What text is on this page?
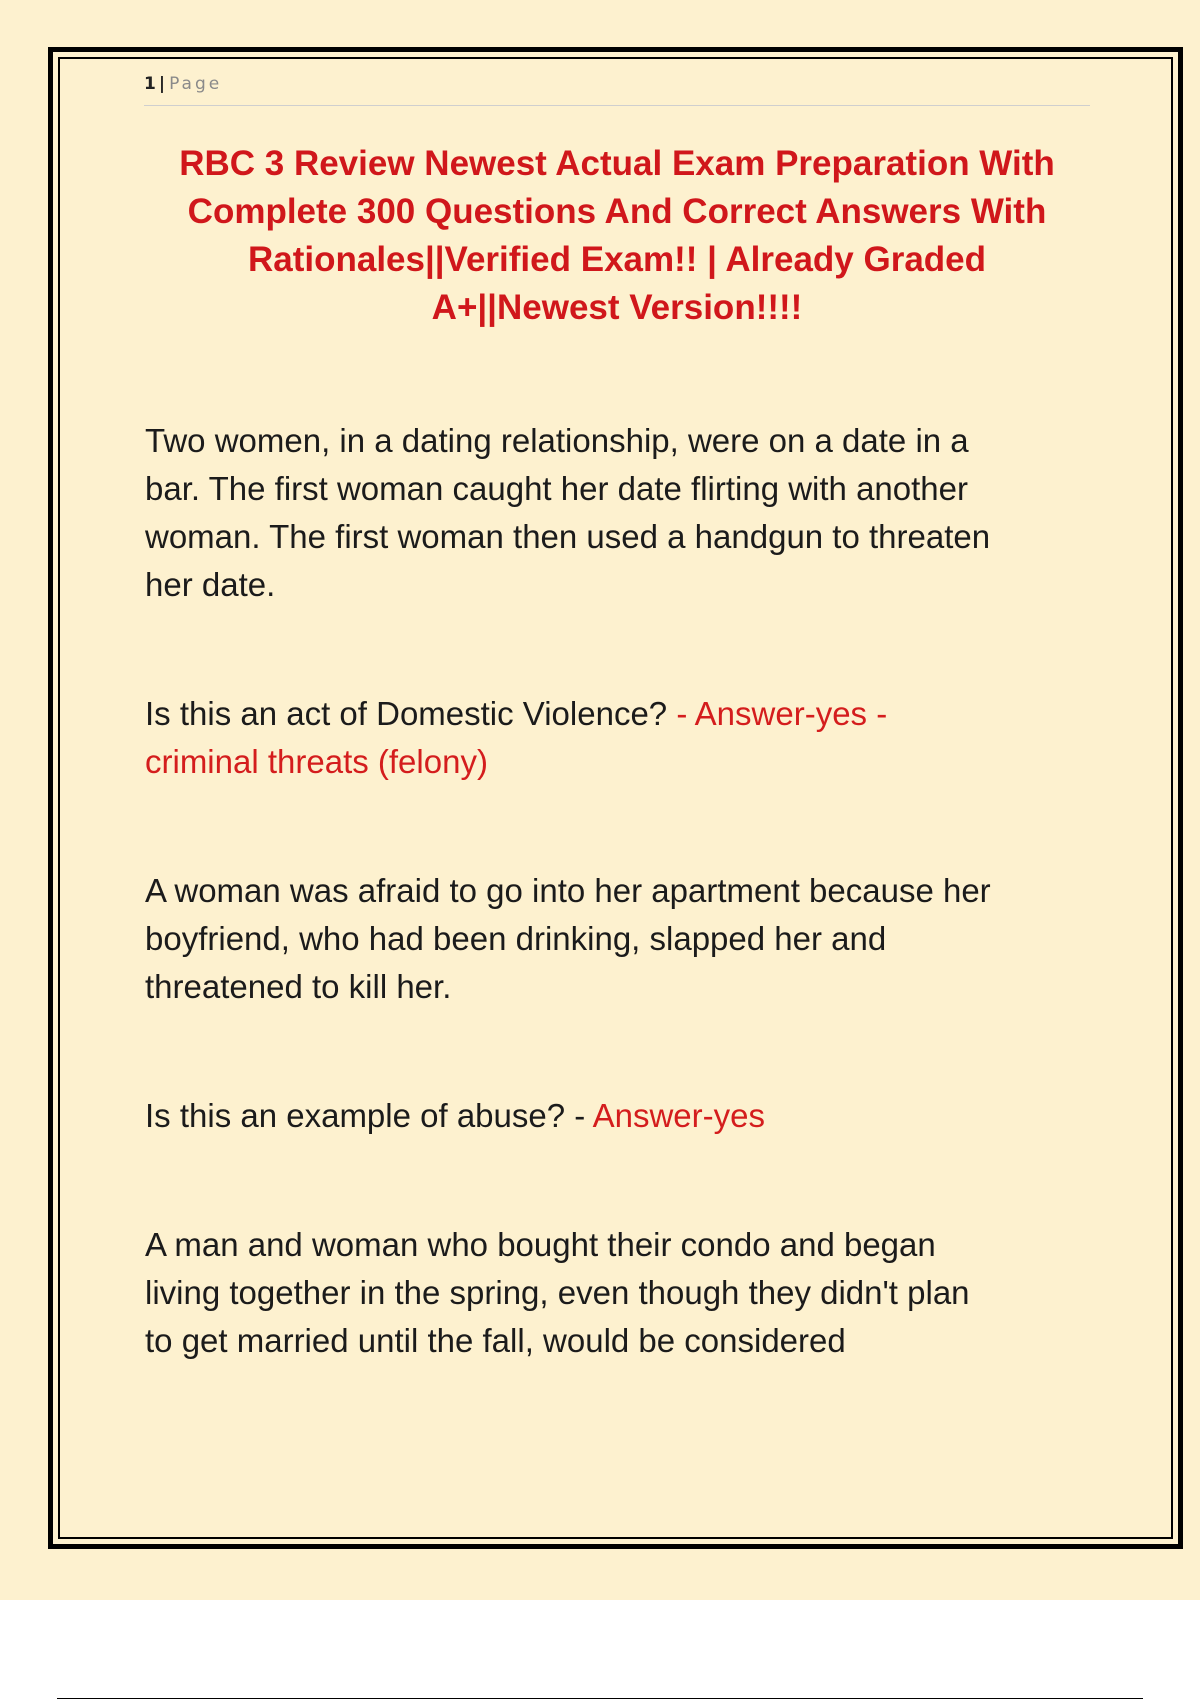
1 | Page
RBC 3 Review Newest Actual Exam Preparation With
Complete 300 Questions And Correct Answers With
Rationales||Verified Exam!! | Already Graded
A+||Newest Version!!!!

Two women, in a dating relationship, were on a date in a
bar. The first woman caught her date flirting with another
woman. The first woman then used a handgun to threaten
her date.

Is this an act of Domestic Violence? - Answer-yes -
criminal threats (felony)

A woman was afraid to go into her apartment because her
boyfriend, who had been drinking, slapped her and
threatened to kill her.

Is this an example of abuse? - Answer-yes

A man and woman who bought their condo and began
living together in the spring, even though they didn't plan
to get married until the fall, would be considered
